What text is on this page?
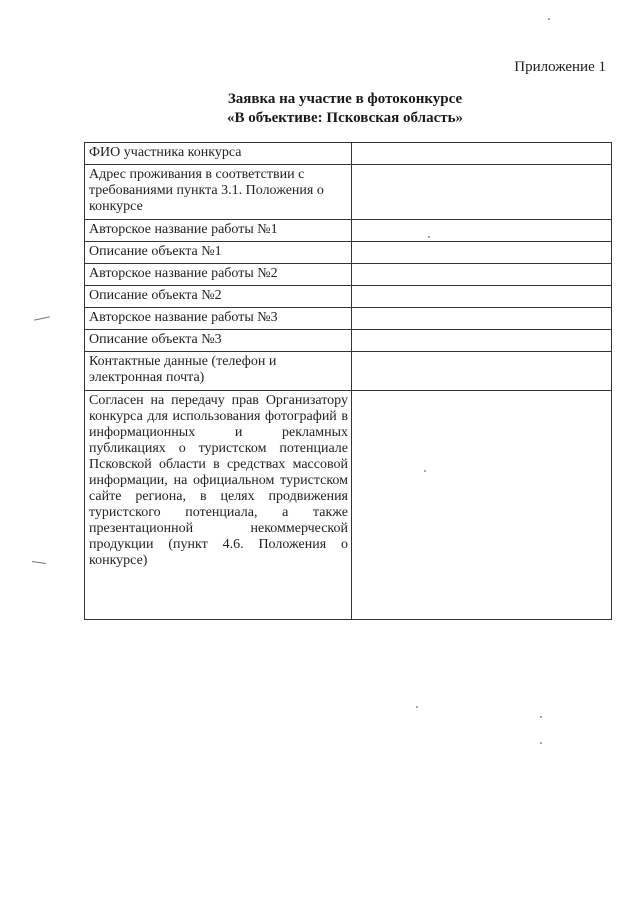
Приложение 1
Заявка на участие в фотоконкурсе
«В объективе: Псковская область»
ФИО участника конкурса	
Адрес проживания в соответствии с требованиями пункта 3.1. Положения о конкурсе	
Авторское название работы №1	
Описание объекта №1	
Авторское название работы №2	
Описание объекта №2	
Авторское название работы №3	
Описание объекта №3	
Контактные данные (телефон и электронная почта)	
Согласен на передачу прав Организатору конкурса для использования фотографий в информационных и рекламных публикациях о туристском потенциале Псковской области в средствах массовой информации, на официальном туристском сайте региона, в целях продвижения туристского потенциала, а также презентационной некоммерческой продукции (пункт 4.6. Положения о конкурсе)	
